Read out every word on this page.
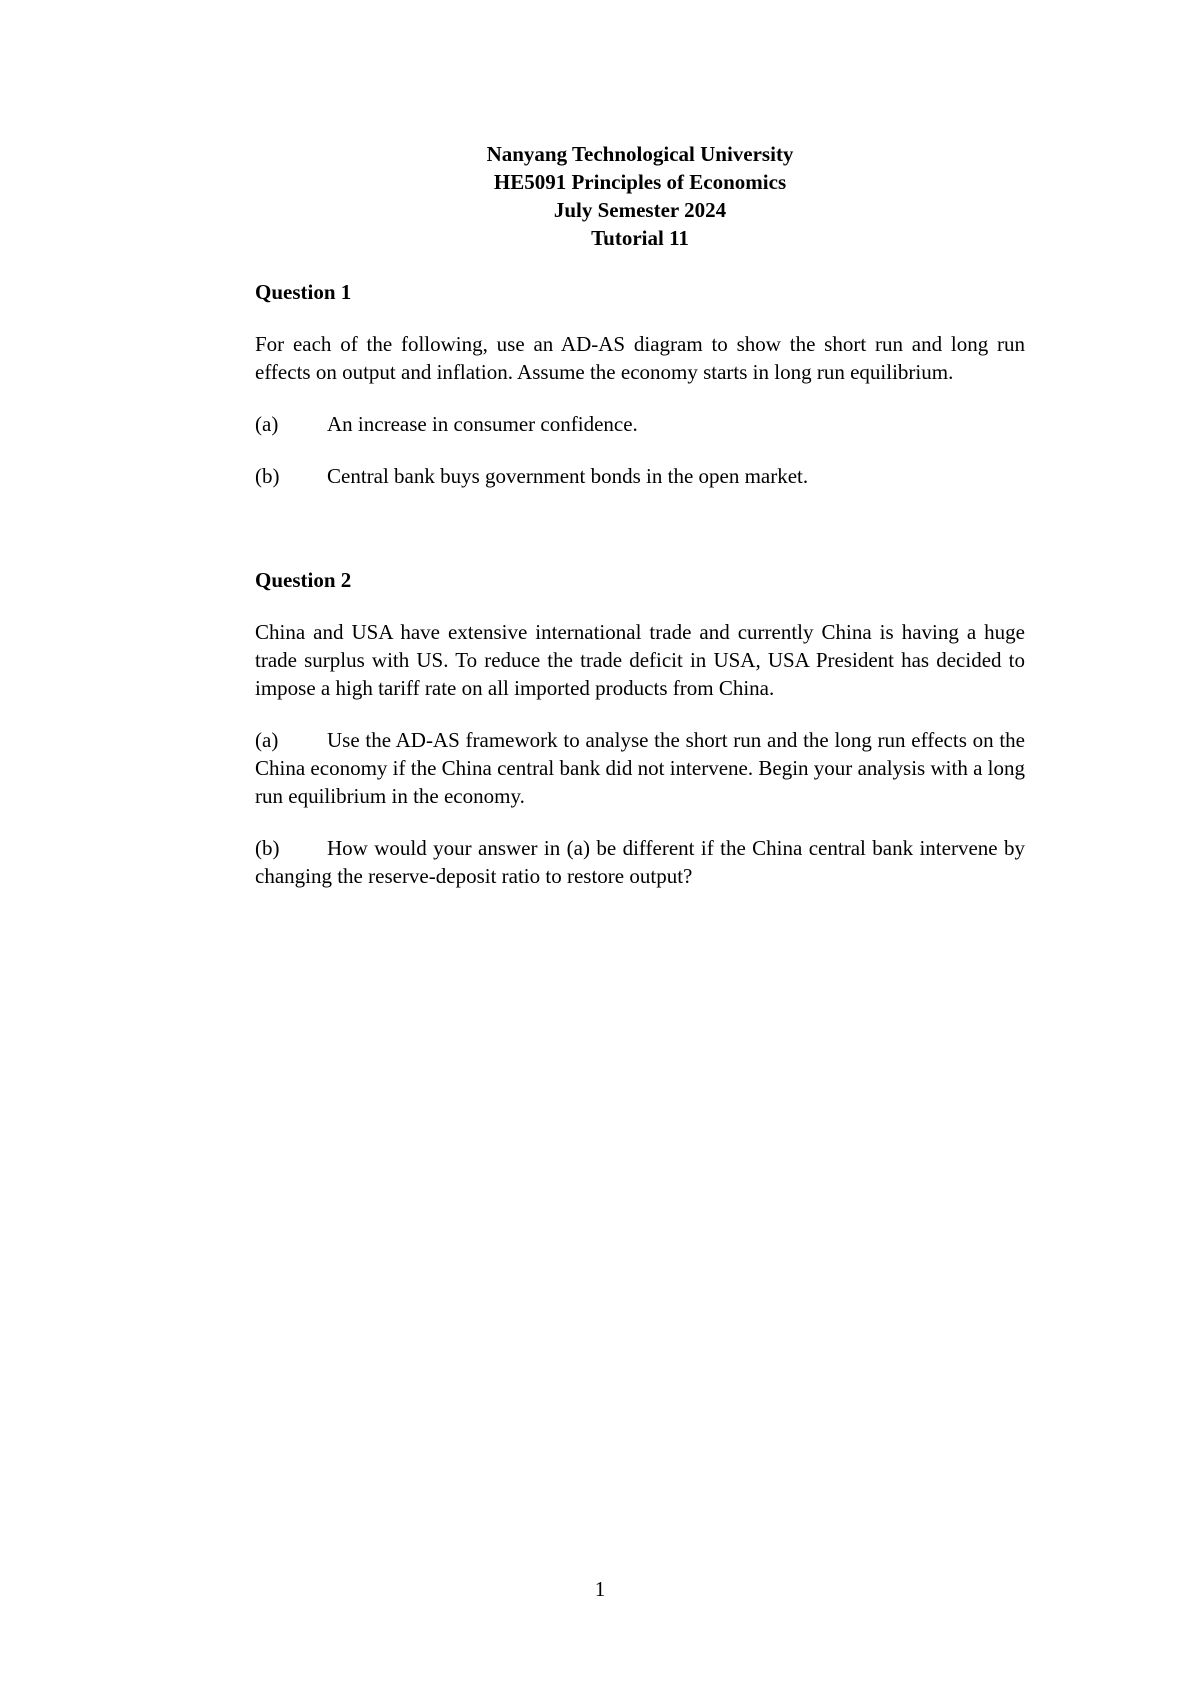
Nanyang Technological University
HE5091 Principles of Economics
July Semester 2024
Tutorial 11
Question 1
For each of the following, use an AD-AS diagram to show the short run and long run effects on output and inflation. Assume the economy starts in long run equilibrium.
(a)	An increase in consumer confidence.
(b)	Central bank buys government bonds in the open market.
Question 2
China and USA have extensive international trade and currently China is having a huge trade surplus with US. To reduce the trade deficit in USA, USA President has decided to impose a high tariff rate on all imported products from China.
(a) Use the AD-AS framework to analyse the short run and the long run effects on the China economy if the China central bank did not intervene. Begin your analysis with a long run equilibrium in the economy.
(b) How would your answer in (a) be different if the China central bank intervene by changing the reserve-deposit ratio to restore output?
1
